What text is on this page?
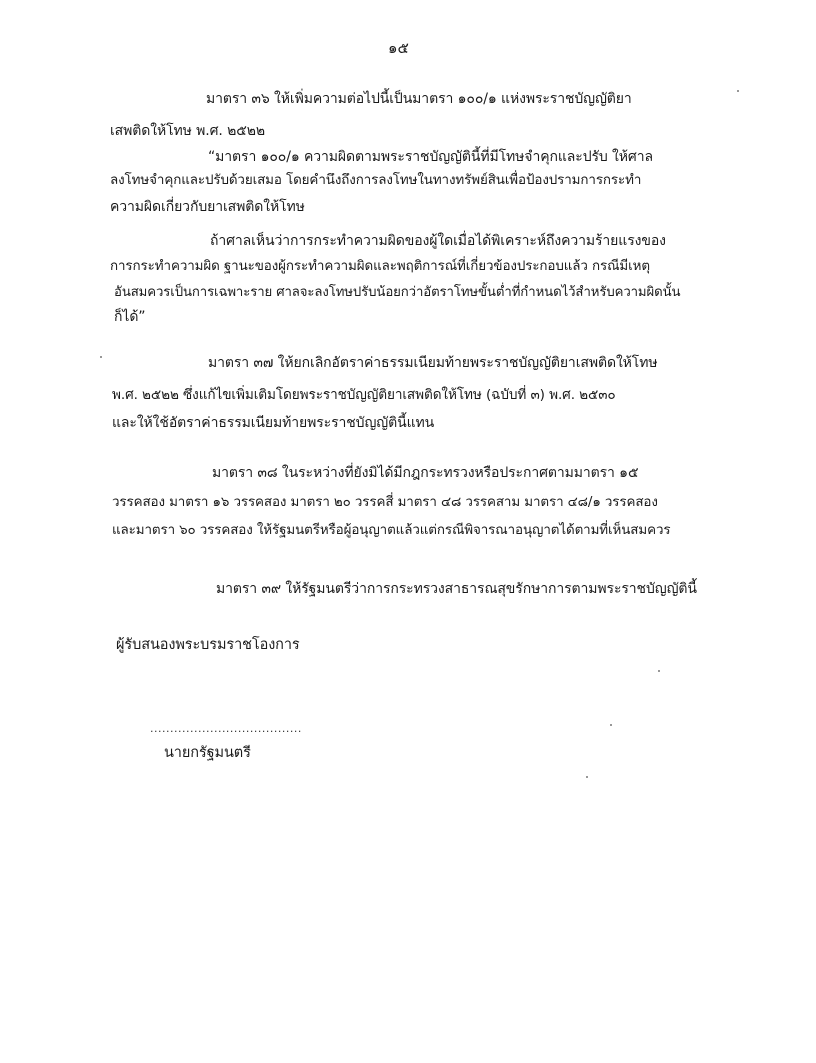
๑๕
มาตรา ๓๖ ให้เพิ่มความต่อไปนี้เป็นมาตรา ๑๐๐/๑ แห่งพระราชบัญญัติยา
เสพติดให้โทษ พ.ศ. ๒๕๒๒
“มาตรา ๑๐๐/๑ ความผิดตามพระราชบัญญัตินี้ที่มีโทษจำคุกและปรับ ให้ศาล
ลงโทษจำคุกและปรับด้วยเสมอ โดยคำนึงถึงการลงโทษในทางทรัพย์สินเพื่อป้องปรามการกระทำ
ความผิดเกี่ยวกับยาเสพติดให้โทษ
ถ้าศาลเห็นว่าการกระทำความผิดของผู้ใดเมื่อได้พิเคราะห์ถึงความร้ายแรงของ
การกระทำความผิด ฐานะของผู้กระทำความผิดและพฤติการณ์ที่เกี่ยวข้องประกอบแล้ว กรณีมีเหตุ
อันสมควรเป็นการเฉพาะราย ศาลจะลงโทษปรับน้อยกว่าอัตราโทษขั้นต่ำที่กำหนดไว้สำหรับความผิดนั้น
ก็ได้”
มาตรา ๓๗ ให้ยกเลิกอัตราค่าธรรมเนียมท้ายพระราชบัญญัติยาเสพติดให้โทษ
พ.ศ. ๒๕๒๒ ซึ่งแก้ไขเพิ่มเติมโดยพระราชบัญญัติยาเสพติดให้โทษ (ฉบับที่ ๓) พ.ศ. ๒๕๓๐
และให้ใช้อัตราค่าธรรมเนียมท้ายพระราชบัญญัตินี้แทน
มาตรา ๓๘ ในระหว่างที่ยังมิได้มีกฎกระทรวงหรือประกาศตามมาตรา ๑๕
วรรคสอง มาตรา ๑๖ วรรคสอง มาตรา ๒๐ วรรคสี่ มาตรา ๔๘ วรรคสาม มาตรา ๔๘/๑ วรรคสอง
และมาตรา ๖๐ วรรคสอง ให้รัฐมนตรีหรือผู้อนุญาตแล้วแต่กรณีพิจารณาอนุญาตได้ตามที่เห็นสมควร
มาตรา ๓๙ ให้รัฐมนตรีว่าการกระทรวงสาธารณสุขรักษาการตามพระราชบัญญัตินี้
ผู้รับสนองพระบรมราชโองการ
......................................
นายกรัฐมนตรี
